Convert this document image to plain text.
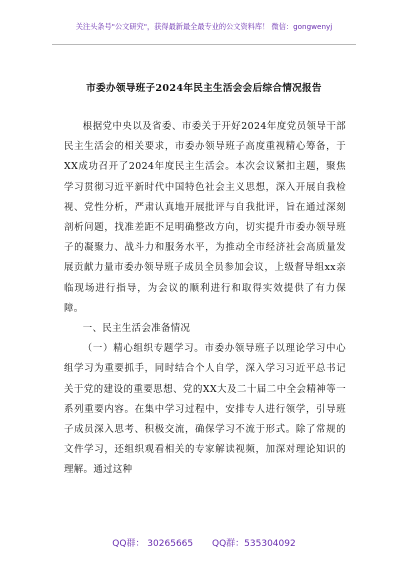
关注头条号"公文研究"，获得最新最全最专业的公文资料库！ 微信：gongwenyj
市委办领导班子2024年民主生活会会后综合情况报告

根据党中央以及省委、市委关于开好2024年度党员领导干部民主生活会的相关要求，市委办领导班子高度重视精心筹备，于XX成功召开了2024年度民主生活会。本次会议紧扣主题，聚焦学习贯彻习近平新时代中国特色社会主义思想，深入开展自我检视、党性分析，严肃认真地开展批评与自我批评，旨在通过深刻剖析问题，找准差距不足明确整改方向，切实提升市委办领导班子的凝聚力、战斗力和服务水平，为推动全市经济社会高质量发展贡献力量市委办领导班子成员全员参加会议，上级督导组xx亲临现场进行指导，为会议的顺利进行和取得实效提供了有力保障。

一、民主生活会准备情况

（一）精心组织专题学习。市委办领导班子以理论学习中心组学习为重要抓手，同时结合个人自学，深入学习习近平总书记关于党的建设的重要思想、党的XX大及二十届二中全会精神等一系列重要内容。在集中学习过程中，安排专人进行领学，引导班子成员深入思考、积极交流，确保学习不流于形式。除了常规的文件学习，还组织观看相关的专家解读视频，加深对理论知识的理解。通过这种

QQ群： 30265665 QQ群：535304092
